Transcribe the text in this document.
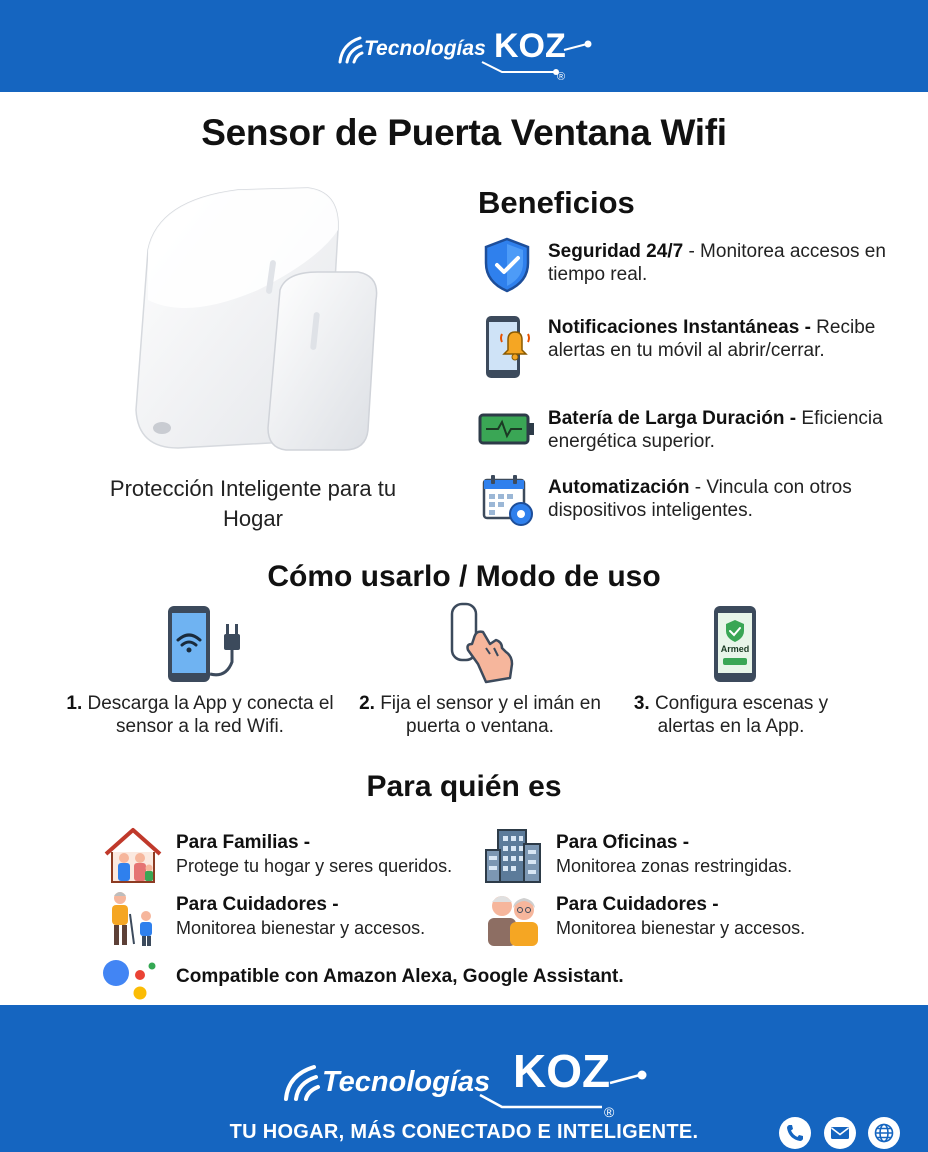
Tecnologías KOZ
®
Sensor de Puerta Ventana Wifi
Protección Inteligente para tu Hogar
Beneficios
Seguridad 24/7 - Monitorea accesos en tiempo real.
Notificaciones Instantáneas - Recibe alertas en tu móvil al abrir/cerrar.
Batería de Larga Duración - Eficiencia energética superior.
Automatización - Vincula con otros dispositivos inteligentes.
Cómo usarlo / Modo de uso
1. Descarga la App y conecta el sensor a la red Wifi.
2. Fija el sensor y el imán en puerta o ventana.
Armed
3. Configura escenas y alertas en la App.
Para quién es
Para Familias -
Protege tu hogar y seres queridos.
Para Oficinas -
Monitorea zonas restringidas.
Para Cuidadores -
Monitorea bienestar y accesos.
Para Cuidadores -
Monitorea bienestar y accesos.
Compatible con Amazon Alexa, Google Assistant.
Tecnologías KOZ
®
TU HOGAR, MÁS CONECTADO E INTELIGENTE.
